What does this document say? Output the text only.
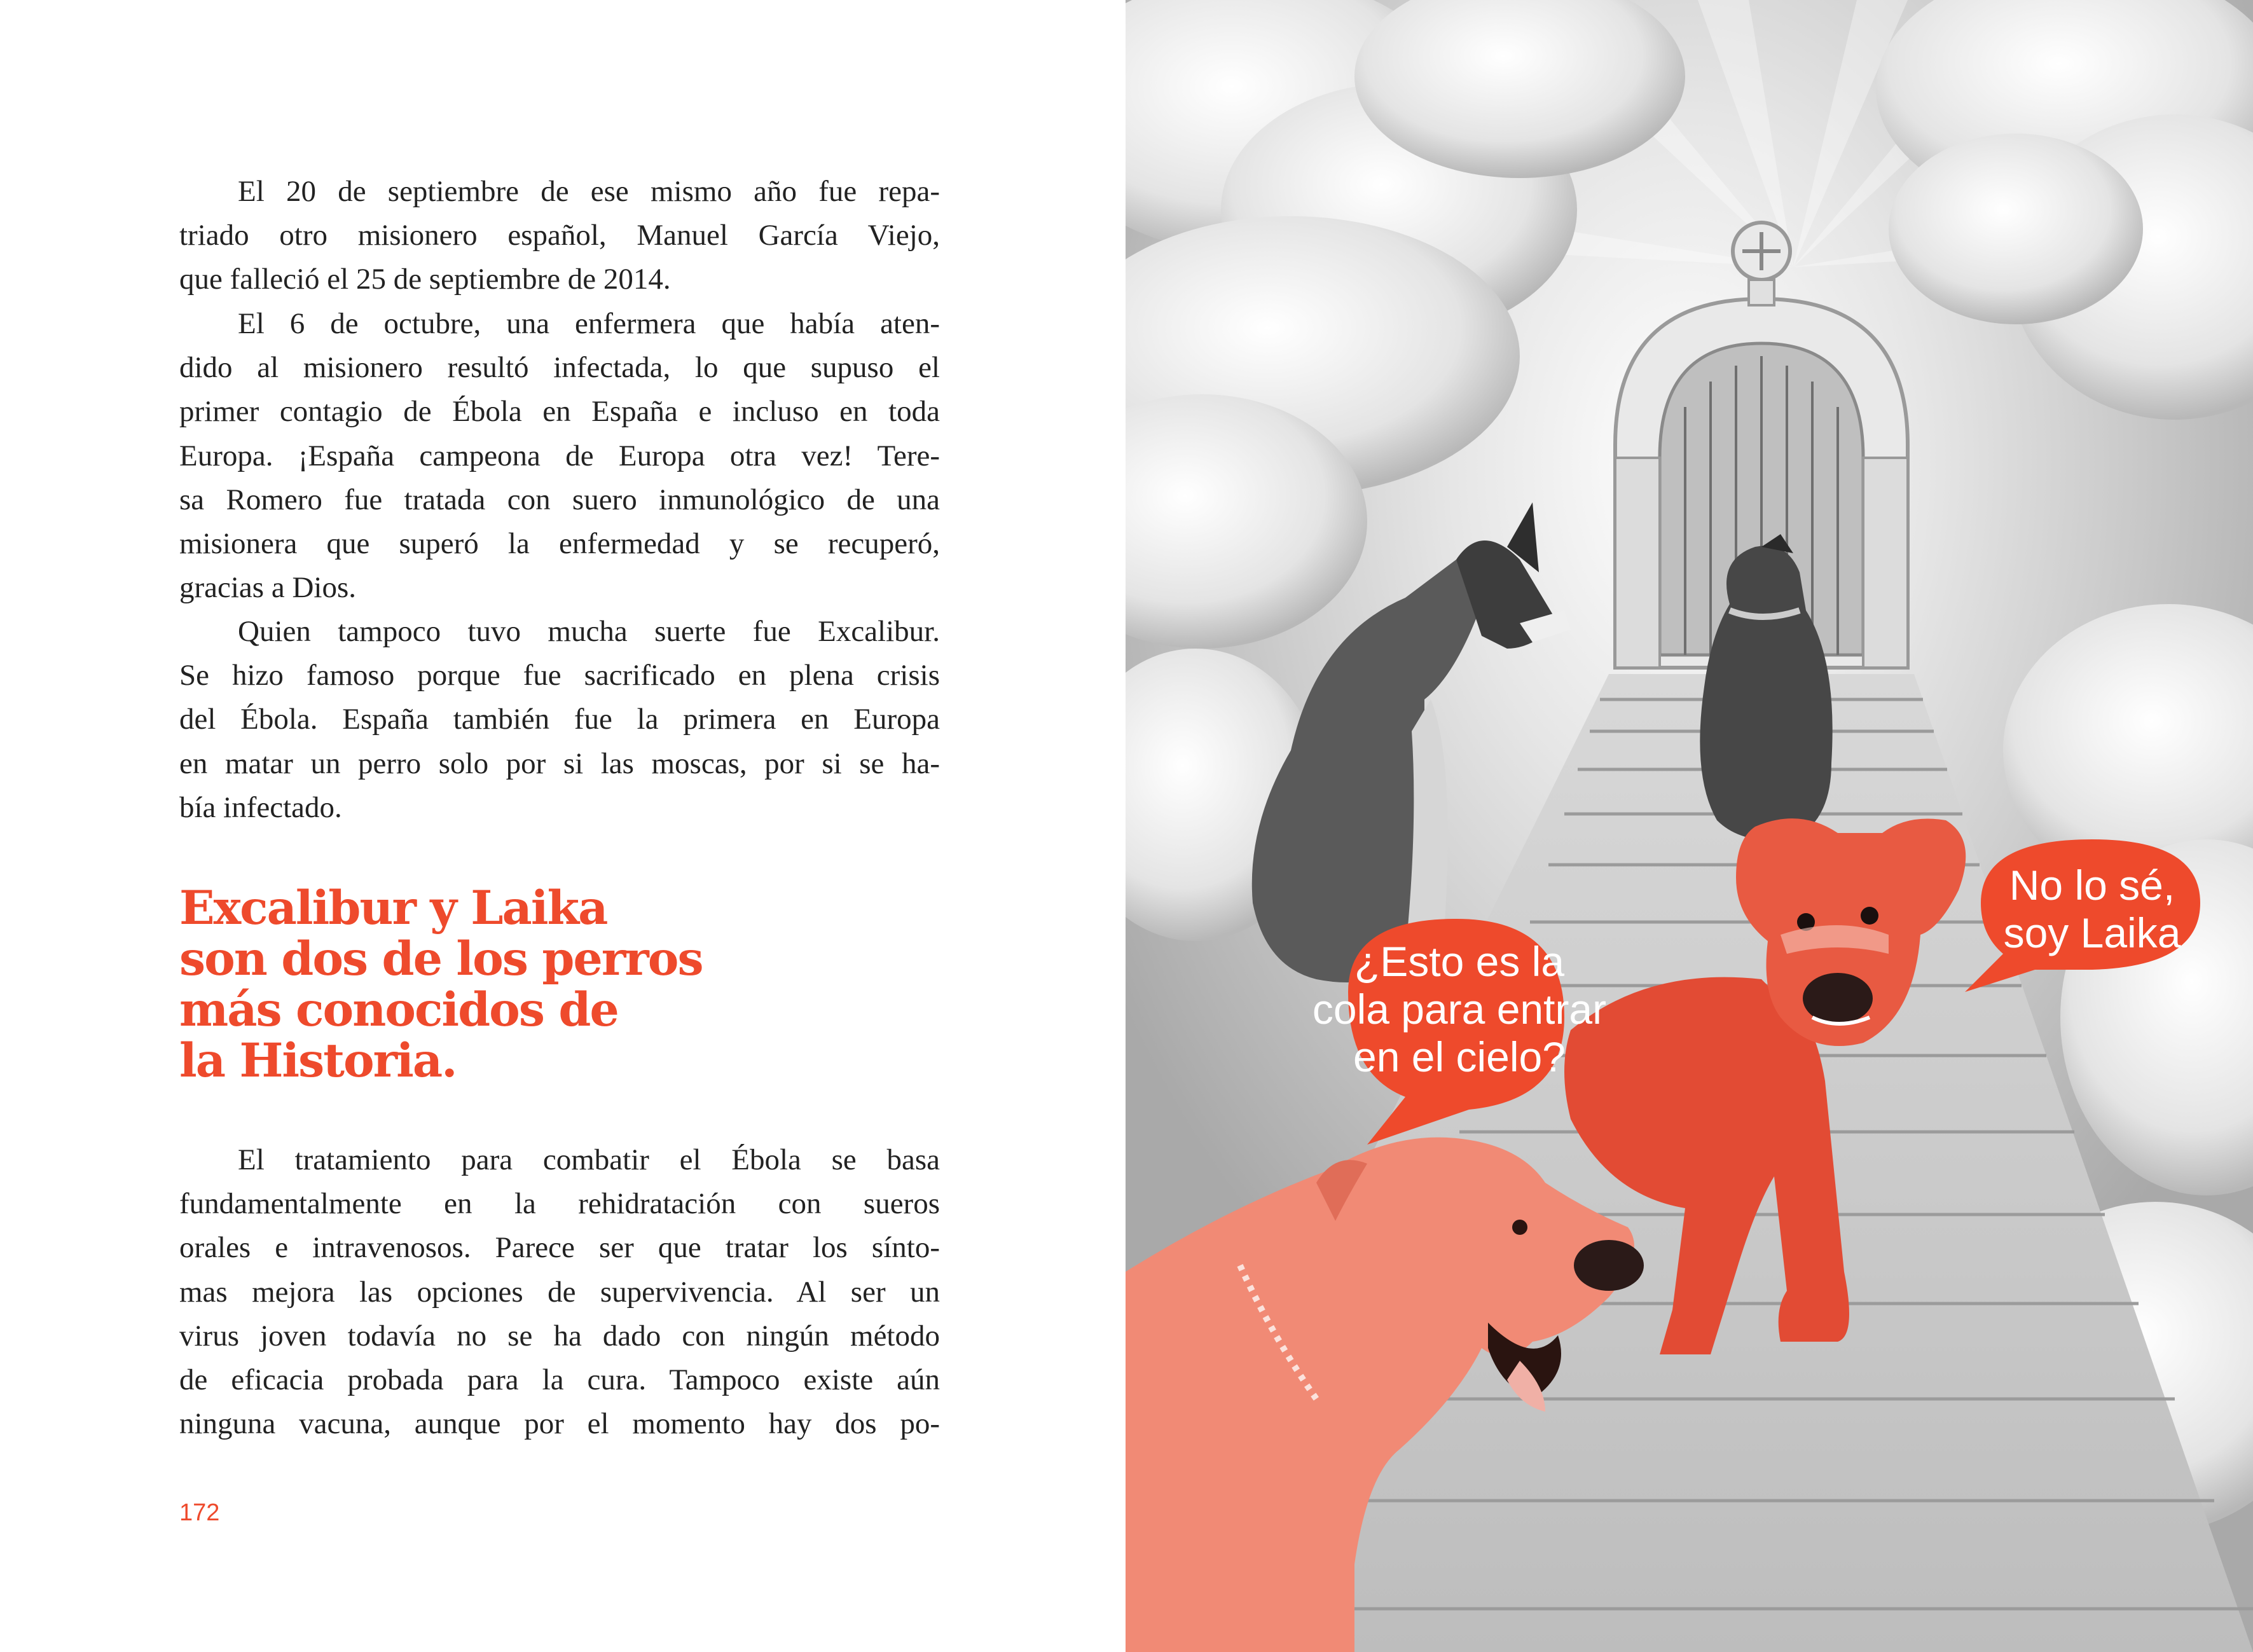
El 20 de septiembre de ese mismo año fue repa-
triado otro misionero español, Manuel García Viejo,
que falleció el 25 de septiembre de 2014.

El 6 de octubre, una enfermera que había aten-
dido al misionero resultó infectada, lo que supuso el
primer contagio de Ébola en España e incluso en toda
Europa. ¡España campeona de Europa otra vez! Tere-
sa Romero fue tratada con suero inmunológico de una
misionera que superó la enfermedad y se recuperó,
gracias a Dios.

Quien tampoco tuvo mucha suerte fue Excalibur.
Se hizo famoso porque fue sacrificado en plena crisis
del Ébola. España también fue la primera en Europa
en matar un perro solo por si las moscas, por si se ha-
bía infectado.

Excalibur y Laika
son dos de los perros
más conocidos de
la Historia.

El tratamiento para combatir el Ébola se basa
fundamentalmente en la rehidratación con sueros
orales e intravenosos. Parece ser que tratar los sínto-
mas mejora las opciones de supervivencia. Al ser un
virus joven todavía no se ha dado con ningún método
de eficacia probada para la cura. Tampoco existe aún
ninguna vacuna, aunque por el momento hay dos po-

172
¿Esto es la
cola para entrar
en el cielo?
No lo sé,
soy Laika
